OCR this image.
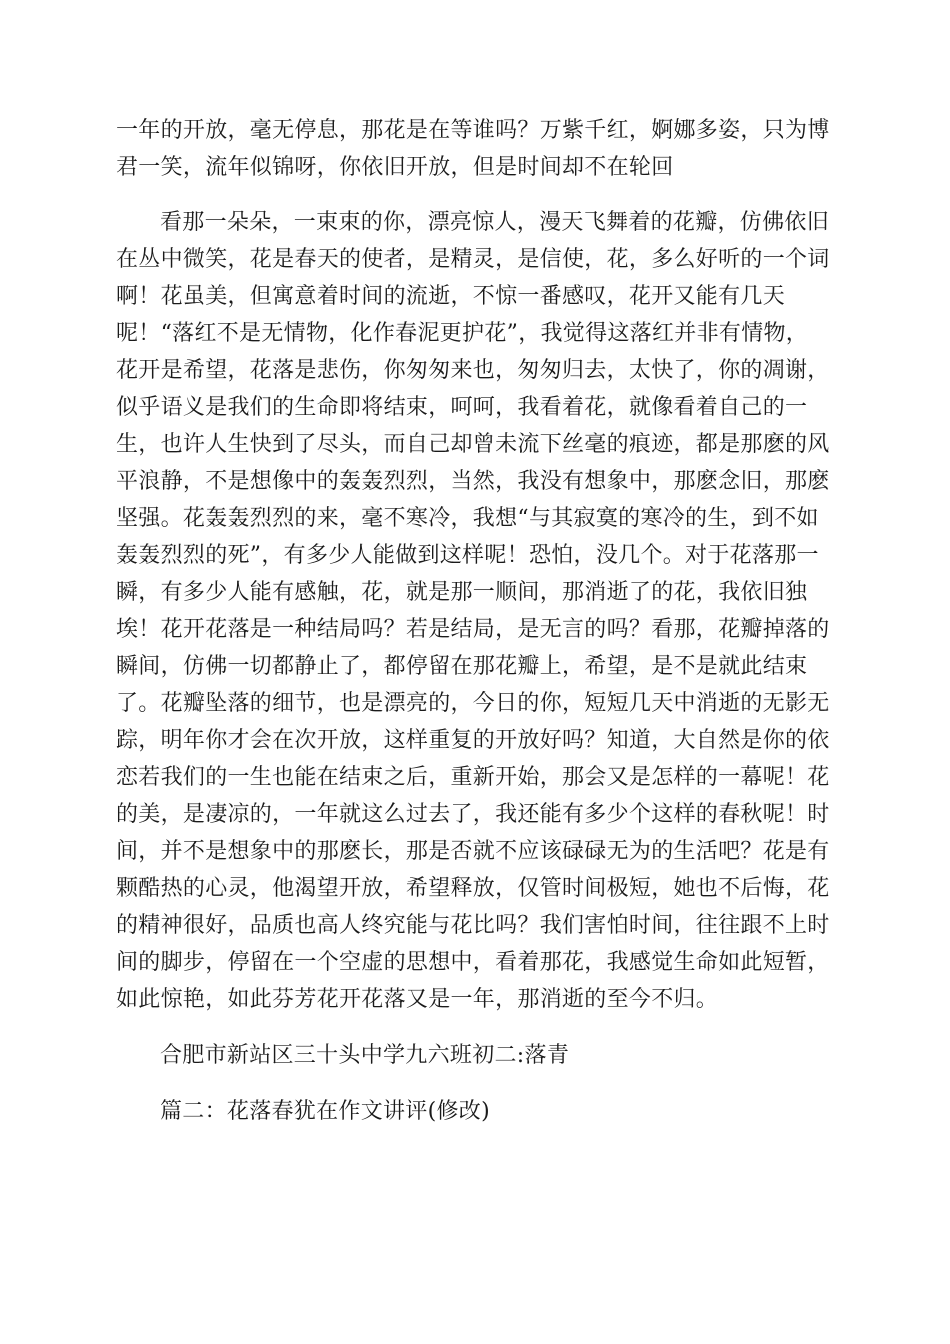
一年的开放，毫无停息，那花是在等谁吗？万紫千红，婀娜多姿，只为博
君一笑，流年似锦呀，你依旧开放，但是时间却不在轮回
看那一朵朵，一束束的你，漂亮惊人，漫天飞舞着的花瓣，仿佛依旧
在丛中微笑，花是春天的使者，是精灵，是信使，花，多么好听的一个词
啊！花虽美，但寓意着时间的流逝，不惊一番感叹，花开又能有几天
呢！“落红不是无情物，化作春泥更护花”，我觉得这落红并非有情物，
花开是希望，花落是悲伤，你匆匆来也，匆匆归去，太快了，你的凋谢，
似乎语义是我们的生命即将结束，呵呵，我看着花，就像看着自己的一
生，也许人生快到了尽头，而自己却曾未流下丝毫的痕迹，都是那麽的风
平浪静，不是想像中的轰轰烈烈，当然，我没有想象中，那麽念旧，那麽
坚强。花轰轰烈烈的来，毫不寒冷，我想“与其寂寞的寒冷的生，到不如
轰轰烈烈的死”，有多少人能做到这样呢！恐怕，没几个。对于花落那一
瞬，有多少人能有感触，花，就是那一顺间，那消逝了的花，我依旧独
埃！花开花落是一种结局吗？若是结局，是无言的吗？看那，花瓣掉落的
瞬间，仿佛一切都静止了，都停留在那花瓣上，希望，是不是就此结束
了。花瓣坠落的细节，也是漂亮的，今日的你，短短几天中消逝的无影无
踪，明年你才会在次开放，这样重复的开放好吗？知道，大自然是你的依
恋若我们的一生也能在结束之后，重新开始，那会又是怎样的一幕呢！花
的美，是凄凉的，一年就这么过去了，我还能有多少个这样的春秋呢！时
间，并不是想象中的那麽长，那是否就不应该碌碌无为的生活吧？花是有
颗酷热的心灵，他渴望开放，希望释放，仅管时间极短，她也不后悔，花
的精神很好，品质也高人终究能与花比吗？我们害怕时间，往往跟不上时
间的脚步，停留在一个空虚的思想中，看着那花，我感觉生命如此短暂，
如此惊艳，如此芬芳花开花落又是一年，那消逝的至今不归。
合肥市新站区三十头中学九六班初二:落青
篇二：花落春犹在作文讲评(修改)
